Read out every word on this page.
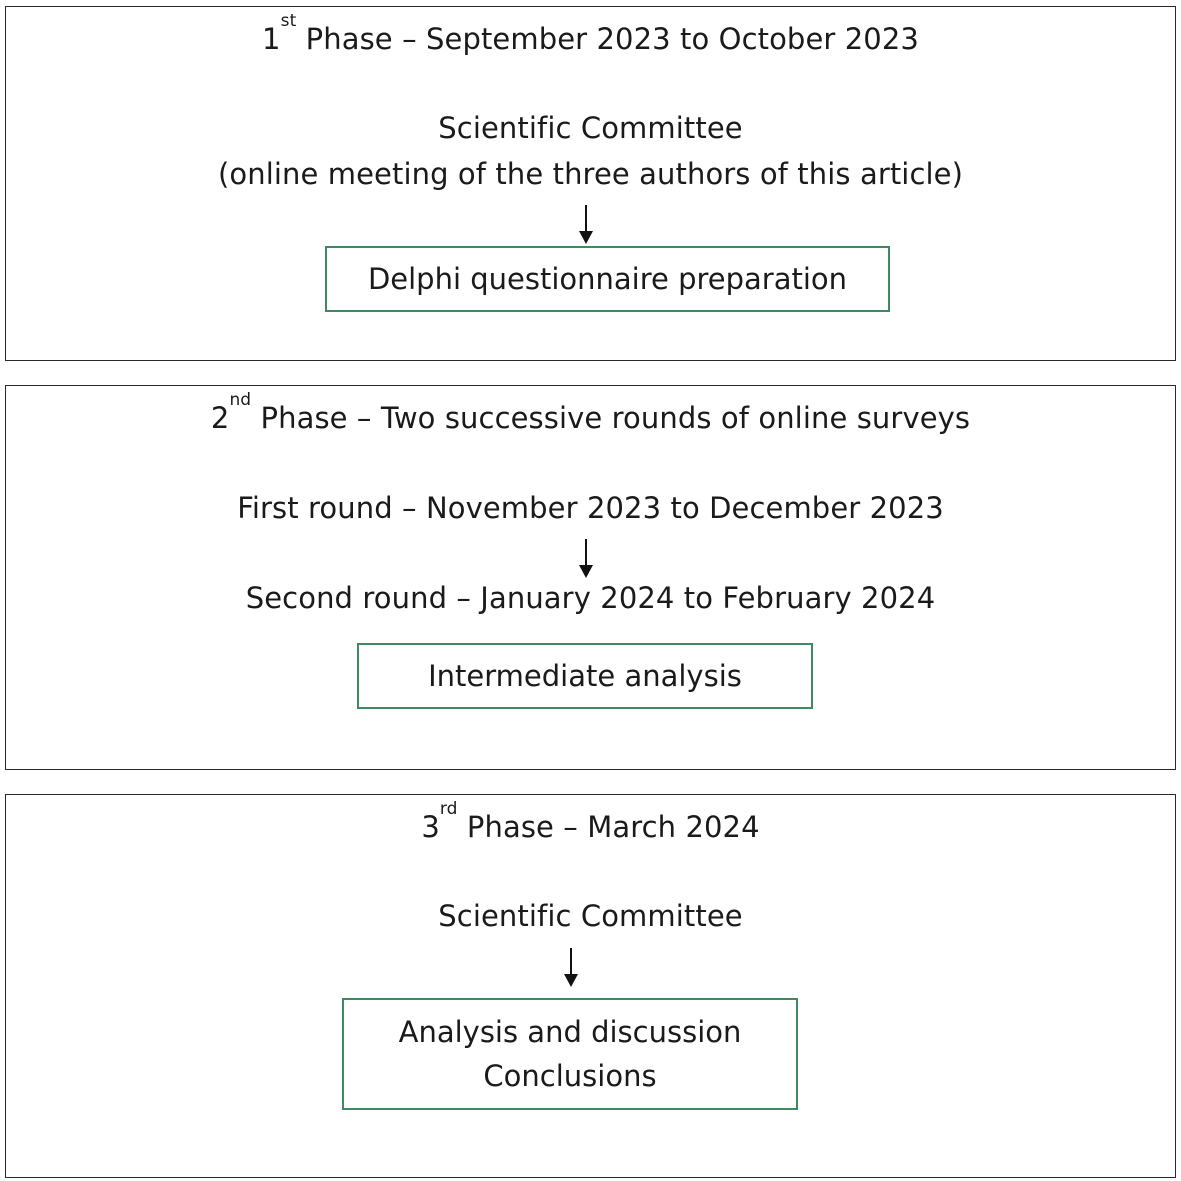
1st Phase – September 2023 to October 2023
Scientific Committee
(online meeting of the three authors of this article)
Delphi questionnaire preparation
2nd Phase – Two successive rounds of online surveys
First round – November 2023 to December 2023
Second round – January 2024 to February 2024
Intermediate analysis
3rd Phase – March 2024
Scientific Committee
Analysis and discussion
Conclusions
